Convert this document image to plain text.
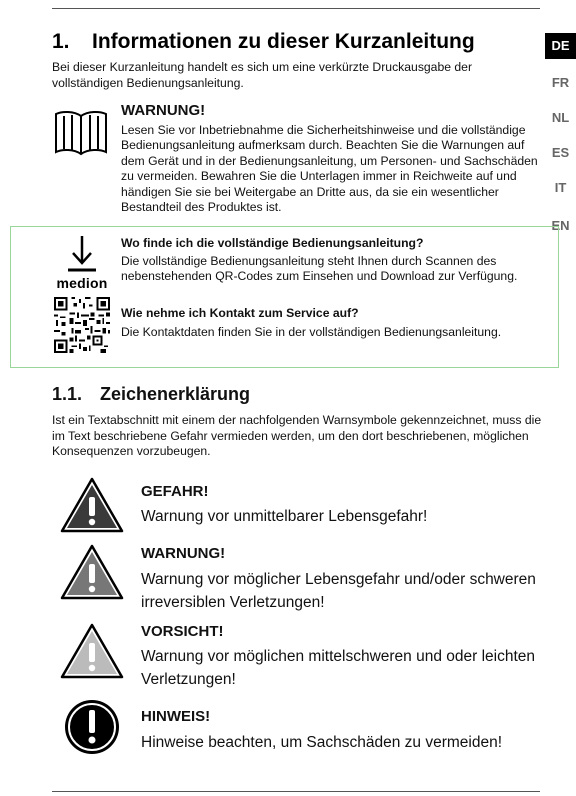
DE
FR
NL
ES
IT
EN
1. Informationen zu dieser Kurzanleitung
Bei dieser Kurzanleitung handelt es sich um eine verkürzte Druckausgabe der vollständigen Bedienungsanleitung.
WARNUNG!
Lesen Sie vor Inbetriebnahme die Sicherheitshinweise und die vollständige Bedienungsanleitung aufmerksam durch. Beachten Sie die Warnungen auf dem Gerät und in der Bedienungsanleitung, um Personen- und Sachschäden zu vermeiden. Bewahren Sie die Unterlagen immer in Reichweite auf und händigen Sie sie bei Weitergabe an Dritte aus, da sie ein wesentlicher Bestandteil des Produktes ist.
medion
Wo finde ich die vollständige Bedienungsanleitung?
Die vollständige Bedienungsanleitung steht Ihnen durch Scannen des nebenstehenden QR-Codes zum Einsehen und Download zur Verfügung.
Wie nehme ich Kontakt zum Service auf?
Die Kontaktdaten finden Sie in der vollständigen Bedienungsanleitung.
1.1. Zeichenerklärung
Ist ein Textabschnitt mit einem der nachfolgenden Warnsymbole gekennzeichnet, muss die im Text beschriebene Gefahr vermieden werden, um den dort beschriebenen, möglichen Konsequenzen vorzubeugen.
GEFAHR!
Warnung vor unmittelbarer Lebensgefahr!
WARNUNG!
Warnung vor möglicher Lebensgefahr und/oder schweren irreversiblen Verletzungen!
VORSICHT!
Warnung vor möglichen mittelschweren und oder leichten Verletzungen!
HINWEIS!
Hinweise beachten, um Sachschäden zu vermeiden!
